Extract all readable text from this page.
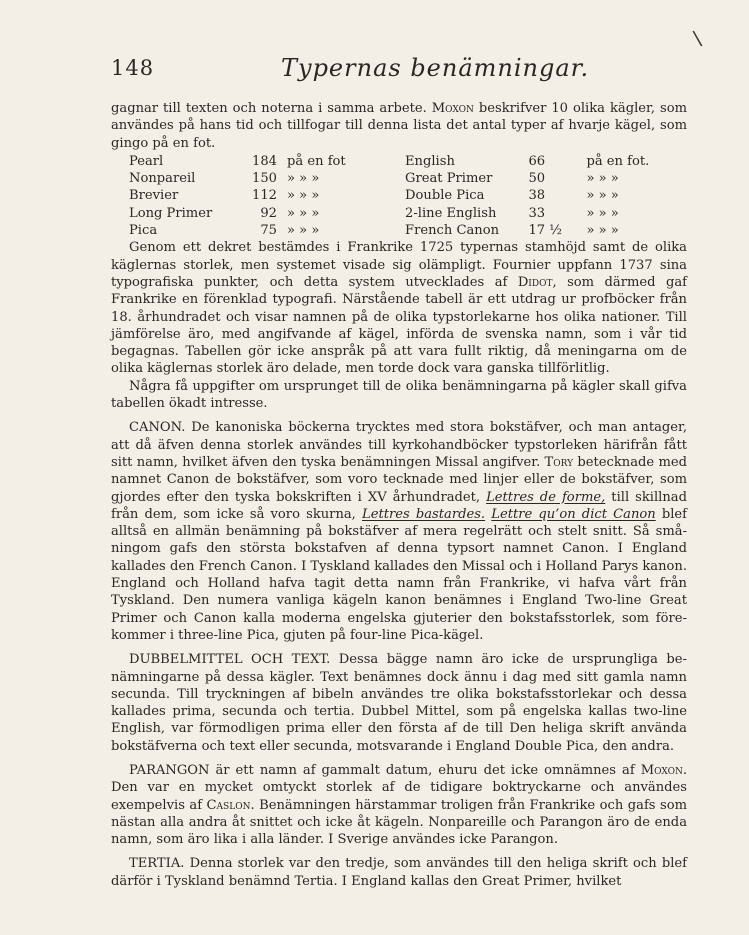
\
148	Typernas benämningar.

gagnar till texten och noterna i samma arbete. Moxon beskrifver 10 olika kägler, som användes på hans tid och tillfogar till denna lista det antal typer af hvarje kägel, som gingo på en fot.

Pearl	184	på en fot	English	66	på en fot.
Nonpareil	150	» » »	Great Primer	50	» » »
Brevier	112	» » »	Double Pica	38	» » »
Long Primer	92	» » »	2-line English	33	» » »
Pica	75	» » »	French Canon	17 ½	» » »

Genom ett dekret bestämdes i Frankrike 1725 typernas stamhöjd samt de olika käglernas storlek, men systemet visade sig olämpligt. Fournier uppfann 1737 sina typografiska punkter, och detta system utvecklades af Didot, som därmed gaf Frankrike en förenklad typografi. Närstående tabell är ett utdrag ur profböcker från 18. århundradet och visar namnen på de olika typstorlekarne hos olika nationer. Till jämförelse äro, med angifvande af kägel, införda de svenska namn, som i vår tid begagnas. Tabellen gör icke anspråk på att vara fullt riktig, då meningarna om de olika käglernas storlek äro delade, men torde dock vara ganska tillförlitlig.

Några få uppgifter om ursprunget till de olika benämningarna på kägler skall gifva tabellen ökadt intresse.

CANON. De kanoniska böckerna trycktes med stora bokstäfver, och man antager, att då äfven denna storlek användes till kyrkohandböcker typstorleken härifrån fått sitt namn, hvilket äfven den tyska benämningen Missal angifver. Tory betecknade med namnet Canon de bokstäfver, som voro tecknade med linjer eller de bokstäfver, som gjordes efter den tyska bokskriften i XV århundradet, Lettres de forme, till skillnad från dem, som icke så voro skurna, Lettres bastardes. Lettre qu’on dict Canon blef alltså en allmän benämning på bokstäfver af mera regelrätt och stelt snitt. Så småningom gafs den största bokstafven af denna typsort namnet Canon. I England kallades den French Canon. I Tyskland kallades den Missal och i Holland Parys kanon. England och Holland hafva tagit detta namn från Frankrike, vi hafva vårt från Tyskland. Den numera vanliga kägeln kanon benämnes i England Two-line Great Primer och Canon kalla moderna engelska gjuterier den bokstafsstorlek, som förekommer i three-line Pica, gjuten på four-line Pica-kägel.

DUBBELMITTEL OCH TEXT. Dessa bägge namn äro icke de ursprungliga benämningarne på dessa kägler. Text benämnes dock ännu i dag med sitt gamla namn secunda. Till tryckningen af bibeln användes tre olika bokstafsstorlekar och dessa kallades prima, secunda och tertia. Dubbel Mittel, som på engelska kallas two-line English, var förmodligen prima eller den första af de till Den heliga skrift använda bokstäfverna och text eller secunda, motsvarande i England Double Pica, den andra.

PARANGON är ett namn af gammalt datum, ehuru det icke omnämnes af Moxon. Den var en mycket omtyckt storlek af de tidigare boktryckarne och användes exempelvis af Caslon. Benämningen härstammar troligen från Frankrike och gafs som nästan alla andra åt snittet och icke åt kägeln. Nonpareille och Parangon äro de enda namn, som äro lika i alla länder. I Sverige användes icke Parangon.

TERTIA. Denna storlek var den tredje, som användes till den heliga skrift och blef därför i Tyskland benämnd Tertia. I England kallas den Great Primer, hvilket
